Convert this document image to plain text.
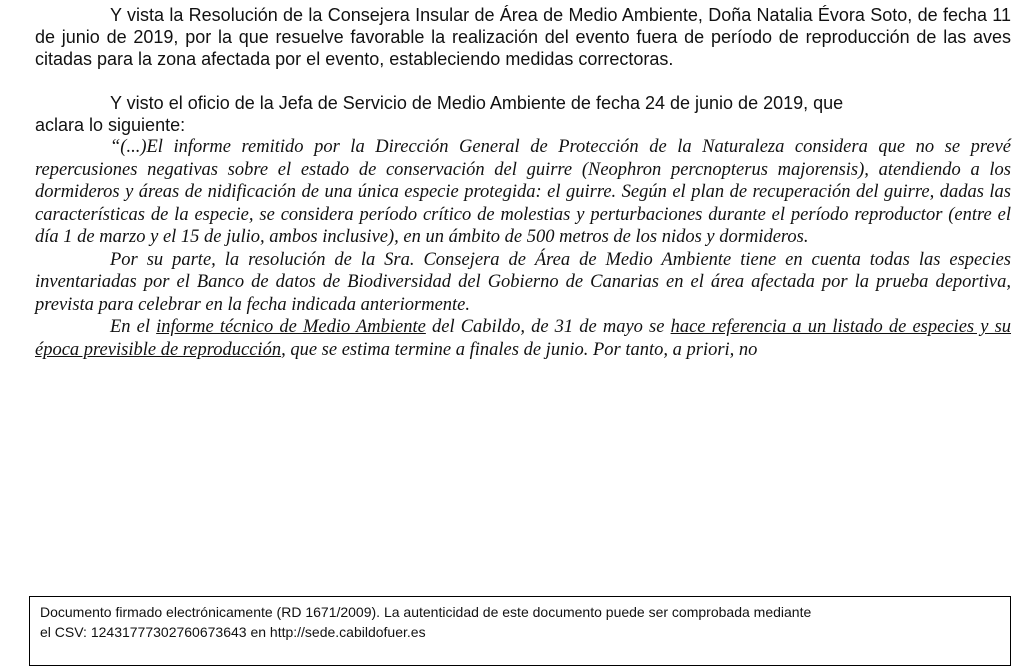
Y vista la Resolución de la Consejera Insular de Área de Medio Ambiente, Doña Natalia Évora Soto, de fecha 11 de junio de 2019, por la que resuelve favorable la realización del evento fuera de período de reproducción de las aves citadas para la zona afectada por el evento, estableciendo medidas correctoras.

Y visto el oficio de la Jefa de Servicio de Medio Ambiente de fecha 24 de junio de 2019, que

aclara lo siguiente:

“(...)El informe remitido por la Dirección General de Protección de la Naturaleza considera que no se prevé repercusiones negativas sobre el estado de conservación del guirre (Neophron percnopterus majorensis), atendiendo a los dormideros y áreas de nidificación de una única especie protegida: el guirre. Según el plan de recuperación del guirre, dadas las características de la especie, se considera período crítico de molestias y perturbaciones durante el período reproductor (entre el día 1 de marzo y el 15 de julio, ambos inclusive), en un ámbito de 500 metros de los nidos y dormideros.

Por su parte, la resolución de la Sra. Consejera de Área de Medio Ambiente tiene en cuenta todas las especies inventariadas por el Banco de datos de Biodiversidad del Gobierno de Canarias en el área afectada por la prueba deportiva, prevista para celebrar en la fecha indicada anteriormente.

En el informe técnico de Medio Ambiente del Cabildo, de 31 de mayo se hace referencia a un listado de especies y su época previsible de reproducción, que se estima termine a finales de junio. Por tanto, a priori, no

Documento firmado electrónicamente (RD 1671/2009). La autenticidad de este documento puede ser comprobada mediante
el CSV: 12431777302760673643 en http://sede.cabildofuer.es
